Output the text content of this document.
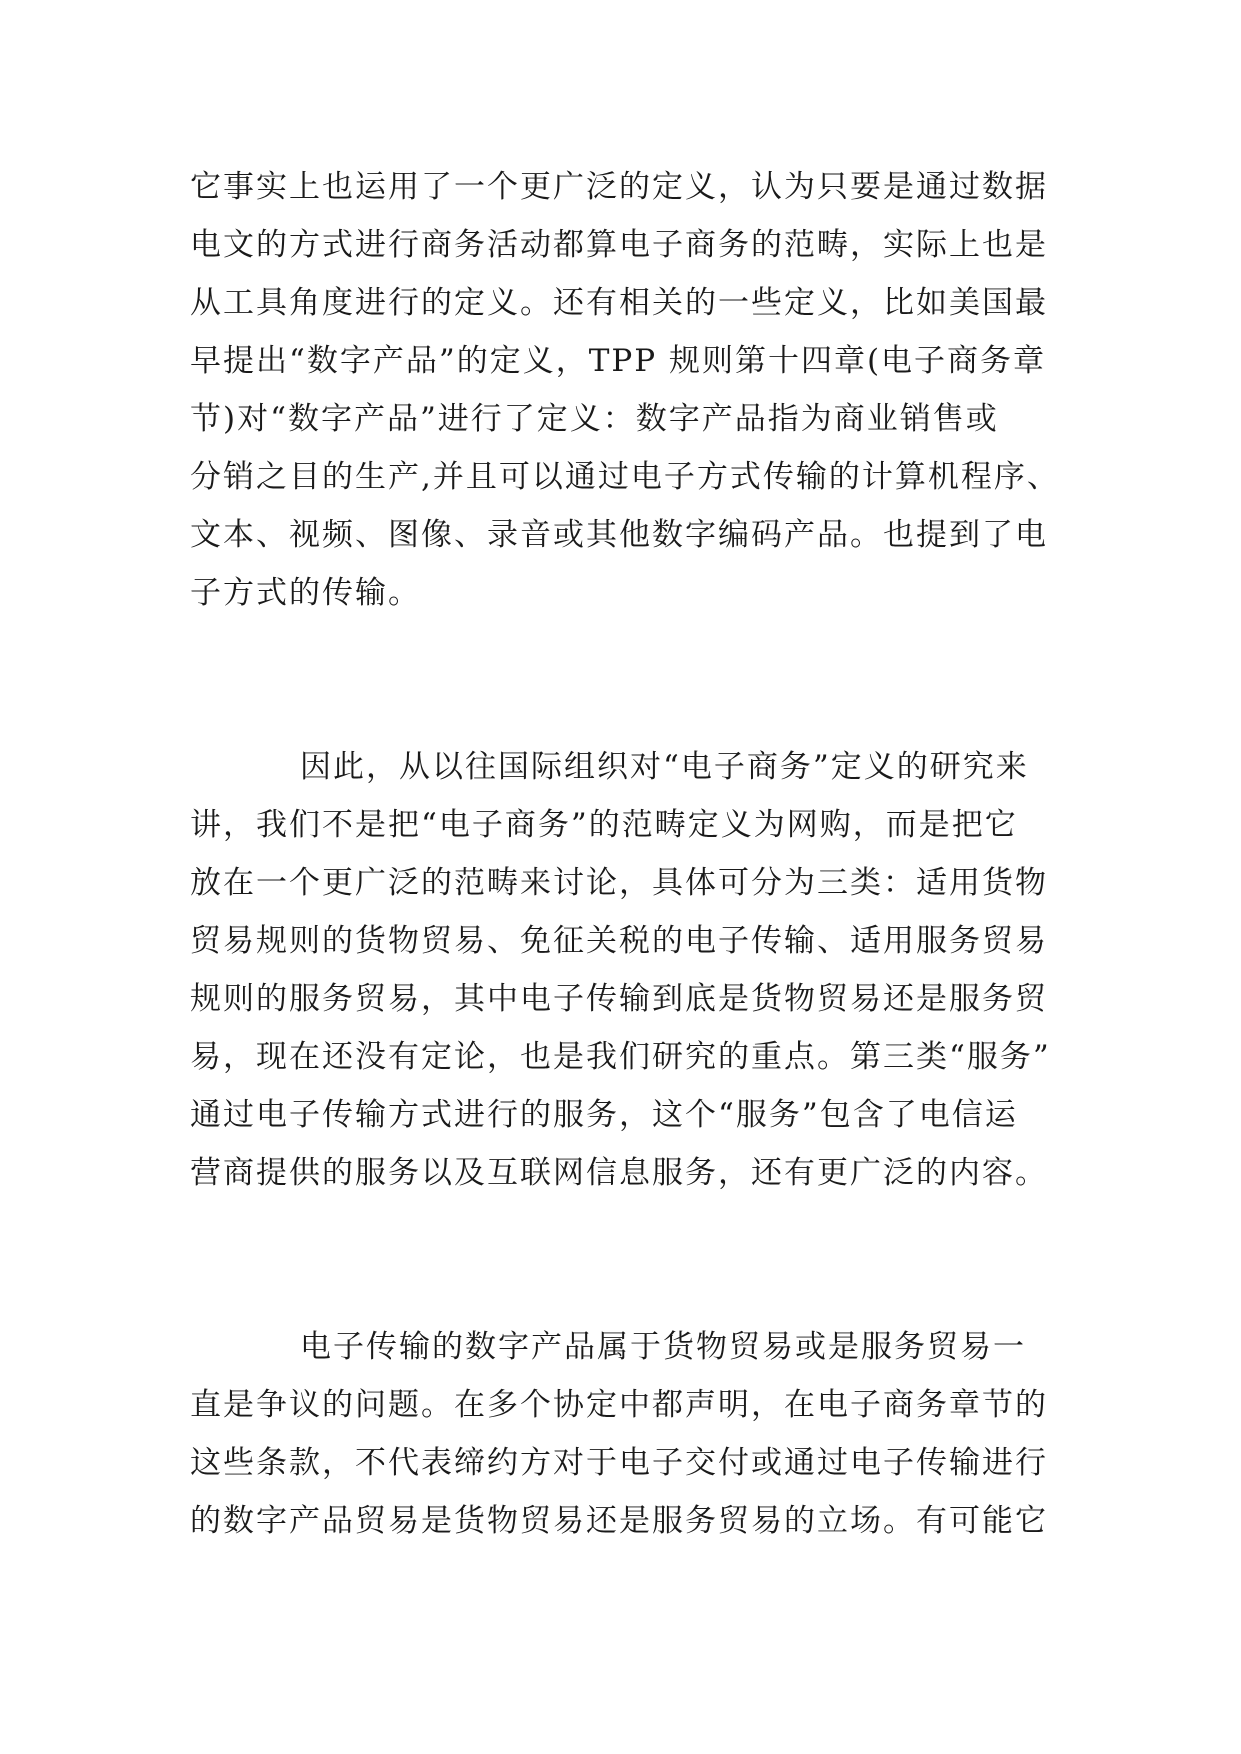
它事实上也运用了一个更广泛的定义，认为只要是通过数据
电文的方式进行商务活动都算电子商务的范畴，实际上也是
从工具角度进行的定义。还有相关的一些定义，比如美国最
早提出“数字产品”的定义，TPP 规则第十四章(电子商务章
节)对“数字产品”进行了定义：数字产品指为商业销售或
分销之目的生产,并且可以通过电子方式传输的计算机程序、
文本、视频、图像、录音或其他数字编码产品。也提到了电
子方式的传输。
因此，从以往国际组织对“电子商务”定义的研究来
讲，我们不是把“电子商务”的范畴定义为网购，而是把它
放在一个更广泛的范畴来讨论，具体可分为三类：适用货物
贸易规则的货物贸易、免征关税的电子传输、适用服务贸易
规则的服务贸易，其中电子传输到底是货物贸易还是服务贸
易，现在还没有定论，也是我们研究的重点。第三类“服务”
通过电子传输方式进行的服务，这个“服务”包含了电信运
营商提供的服务以及互联网信息服务，还有更广泛的内容。
电子传输的数字产品属于货物贸易或是服务贸易一
直是争议的问题。在多个协定中都声明，在电子商务章节的
这些条款，不代表缔约方对于电子交付或通过电子传输进行
的数字产品贸易是货物贸易还是服务贸易的立场。有可能它
